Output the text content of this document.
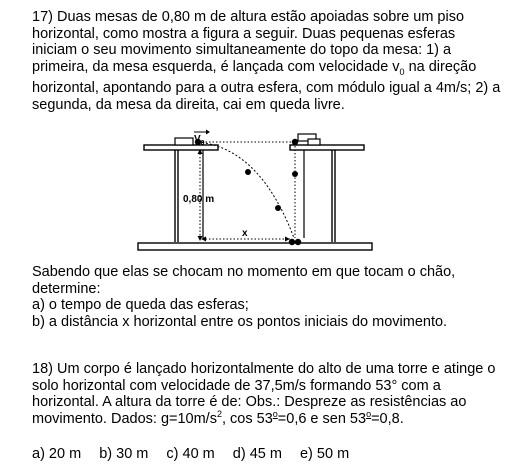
17) Duas mesas de 0,80 m de altura estão apoiadas sobre um piso horizontal, como mostra a figura a seguir. Duas pequenas esferas iniciam o seu movimento simultaneamente do topo da mesa: 1) a primeira, da mesa esquerda, é lançada com velocidade $v_0$ na direção horizontal, apontando para a outra esfera, com módulo igual a 4m/s; 2) a segunda, da mesa da direita, cai em queda livre.

$V_0$
0,80 m
x
Sabendo que elas se chocam no momento em que tocam o chão, determine:
a) o tempo de queda das esferas;
b) a distância x horizontal entre os pontos iniciais do movimento.

18) Um corpo é lançado horizontalmente do alto de uma torre e atinge o solo horizontal com velocidade de 37,5m/s formando 53° com a horizontal. A altura da torre é de: Obs.: Despreze as resistências ao movimento. Dados: $g=10m/s^2$, $\cos 53^o=0,6$ e sen $53^o=0,8$.

a) 20 m b) 30 m c) 40 m d) 45 m e) 50 m
